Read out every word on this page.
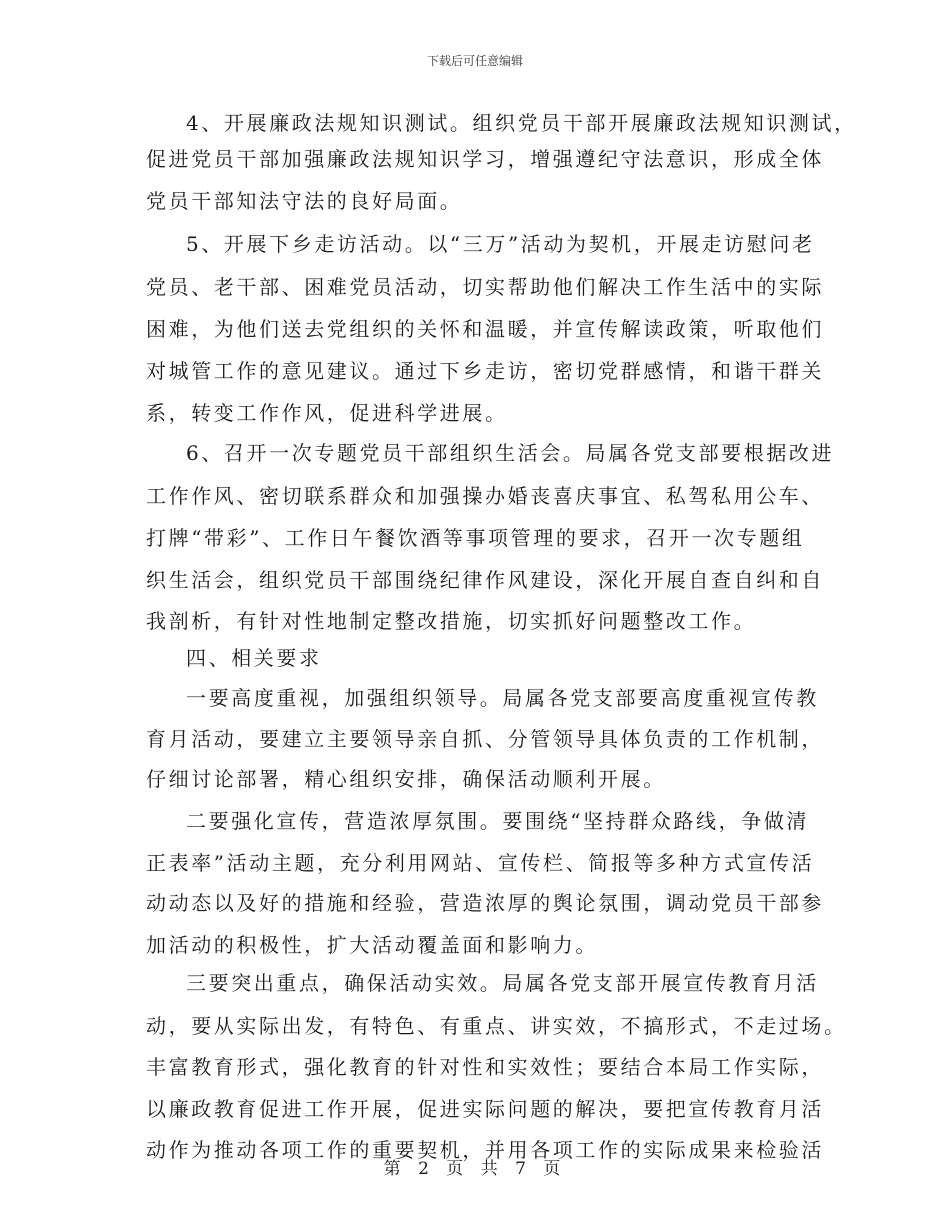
下载后可任意编辑
4、开展廉政法规知识测试。组织党员干部开展廉政法规知识测试，
促进党员干部加强廉政法规知识学习，增强遵纪守法意识，形成全体
党员干部知法守法的良好局面。
5、开展下乡走访活动。以“三万”活动为契机，开展走访慰问老
党员、老干部、困难党员活动，切实帮助他们解决工作生活中的实际
困难，为他们送去党组织的关怀和温暖，并宣传解读政策，听取他们
对城管工作的意见建议。通过下乡走访，密切党群感情，和谐干群关
系，转变工作作风，促进科学进展。
6、召开一次专题党员干部组织生活会。局属各党支部要根据改进
工作作风、密切联系群众和加强操办婚丧喜庆事宜、私驾私用公车、
打牌“带彩”、工作日午餐饮酒等事项管理的要求，召开一次专题组
织生活会，组织党员干部围绕纪律作风建设，深化开展自查自纠和自
我剖析，有针对性地制定整改措施，切实抓好问题整改工作。
四、相关要求
一要高度重视，加强组织领导。局属各党支部要高度重视宣传教
育月活动，要建立主要领导亲自抓、分管领导具体负责的工作机制，
仔细讨论部署，精心组织安排，确保活动顺利开展。
二要强化宣传，营造浓厚氛围。要围绕“坚持群众路线，争做清
正表率”活动主题，充分利用网站、宣传栏、简报等多种方式宣传活
动动态以及好的措施和经验，营造浓厚的舆论氛围，调动党员干部参
加活动的积极性，扩大活动覆盖面和影响力。
三要突出重点，确保活动实效。局属各党支部开展宣传教育月活
动，要从实际出发，有特色、有重点、讲实效，不搞形式，不走过场。
丰富教育形式，强化教育的针对性和实效性；要结合本局工作实际，
以廉政教育促进工作开展，促进实际问题的解决，要把宣传教育月活
动作为推动各项工作的重要契机，并用各项工作的实际成果来检验活
第 2 页 共 7 页
